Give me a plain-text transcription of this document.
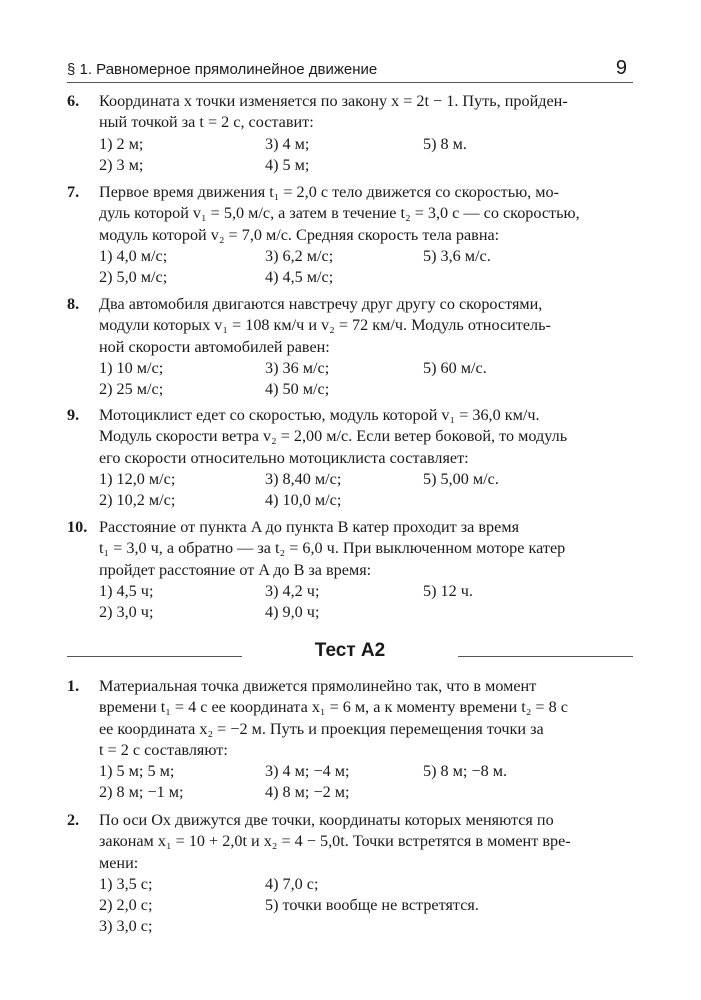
§ 1. Равномерное прямолинейное движение	9
6. Координата x точки изменяется по закону x = 2t − 1. Путь, пройден-
ный точкой за t = 2 с, составит:
1) 2 м;	3) 4 м;	5) 8 м.
2) 3 м;	4) 5 м;
7. Первое время движения t₁ = 2,0 с тело движется со скоростью, мо-
дуль которой v₁ = 5,0 м/с, а затем в течение t₂ = 3,0 с — со скоростью,
модуль которой v₂ = 7,0 м/с. Средняя скорость тела равна:
1) 4,0 м/с;	3) 6,2 м/с;	5) 3,6 м/с.
2) 5,0 м/с;	4) 4,5 м/с;
8. Два автомобиля двигаются навстречу друг другу со скоростями,
модули которых v₁ = 108 км/ч и v₂ = 72 км/ч. Модуль относитель-
ной скорости автомобилей равен:
1) 10 м/с;	3) 36 м/с;	5) 60 м/с.
2) 25 м/с;	4) 50 м/с;
9. Мотоциклист едет со скоростью, модуль которой v₁ = 36,0 км/ч.
Модуль скорости ветра v₂ = 2,00 м/с. Если ветер боковой, то модуль
его скорости относительно мотоциклиста составляет:
1) 12,0 м/с;	3) 8,40 м/с;	5) 5,00 м/с.
2) 10,2 м/с;	4) 10,0 м/с;
10. Расстояние от пункта A до пункта B катер проходит за время
t₁ = 3,0 ч, а обратно — за t₂ = 6,0 ч. При выключенном моторе катер
пройдет расстояние от A до B за время:
1) 4,5 ч;	3) 4,2 ч;	5) 12 ч.
2) 3,0 ч;	4) 9,0 ч;
Тест А2
1. Материальная точка движется прямолинейно так, что в момент
времени t₁ = 4 с ее координата x₁ = 6 м, а к моменту времени t₂ = 8 с
ее координата x₂ = −2 м. Путь и проекция перемещения точки за
t = 2 с составляют:
1) 5 м; 5 м;	3) 4 м; −4 м;	5) 8 м; −8 м.
2) 8 м; −1 м;	4) 8 м; −2 м;
2. По оси Ox движутся две точки, координаты которых меняются по
законам x₁ = 10 + 2,0t и x₂ = 4 − 5,0t. Точки встретятся в момент вре-
мени:
1) 3,5 с;	4) 7,0 с;
2) 2,0 с;	5) точки вообще не встретятся.
3) 3,0 с;
